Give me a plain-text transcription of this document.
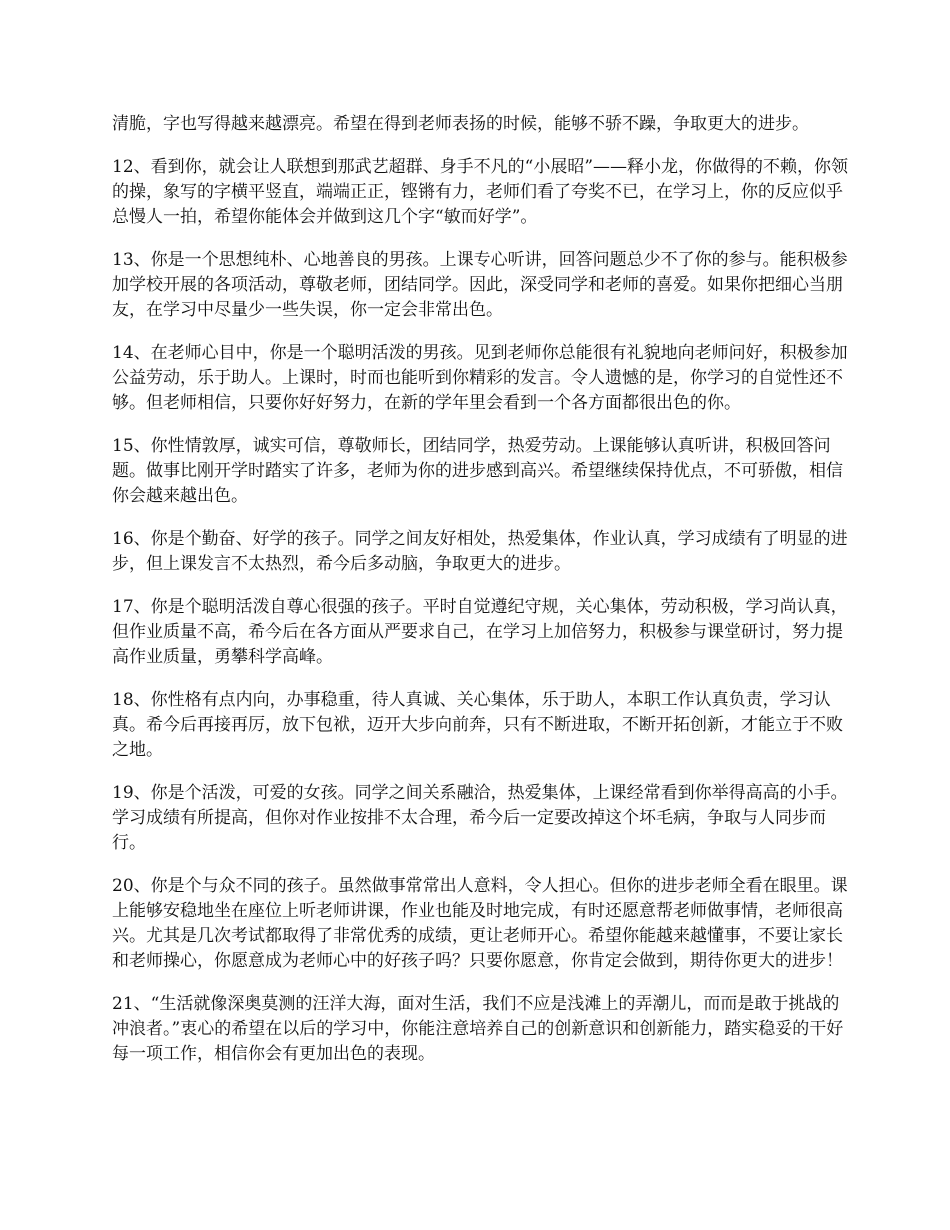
清脆，字也写得越来越漂亮。希望在得到老师表扬的时候，能够不骄不躁，争取更大的进步。

12、看到你，就会让人联想到那武艺超群、身手不凡的“小展昭”——释小龙，你做得的不赖，你领的操，象写的字横平竖直，端端正正，铿锵有力，老师们看了夸奖不已，在学习上，你的反应似乎总慢人一拍，希望你能体会并做到这几个字“敏而好学”。

13、你是一个思想纯朴、心地善良的男孩。上课专心听讲，回答问题总少不了你的参与。能积极参加学校开展的各项活动，尊敬老师，团结同学。因此，深受同学和老师的喜爱。如果你把细心当朋友，在学习中尽量少一些失误，你一定会非常出色。

14、在老师心目中，你是一个聪明活泼的男孩。见到老师你总能很有礼貌地向老师问好，积极参加公益劳动，乐于助人。上课时，时而也能听到你精彩的发言。令人遗憾的是，你学习的自觉性还不够。但老师相信，只要你好好努力，在新的学年里会看到一个各方面都很出色的你。

15、你性情敦厚，诚实可信，尊敬师长，团结同学，热爱劳动。上课能够认真听讲，积极回答问题。做事比刚开学时踏实了许多，老师为你的进步感到高兴。希望继续保持优点，不可骄傲，相信你会越来越出色。

16、你是个勤奋、好学的孩子。同学之间友好相处，热爱集体，作业认真，学习成绩有了明显的进步，但上课发言不太热烈，希今后多动脑，争取更大的进步。

17、你是个聪明活泼自尊心很强的孩子。平时自觉遵纪守规，关心集体，劳动积极，学习尚认真，但作业质量不高，希今后在各方面从严要求自己，在学习上加倍努力，积极参与课堂研讨，努力提高作业质量，勇攀科学高峰。

18、你性格有点内向，办事稳重，待人真诚、关心集体，乐于助人，本职工作认真负责，学习认真。希今后再接再厉，放下包袱，迈开大步向前奔，只有不断进取，不断开拓创新，才能立于不败之地。

19、你是个活泼，可爱的女孩。同学之间关系融洽，热爱集体，上课经常看到你举得高高的小手。学习成绩有所提高，但你对作业按排不太合理，希今后一定要改掉这个坏毛病，争取与人同步而行。

20、你是个与众不同的孩子。虽然做事常常出人意料，令人担心。但你的进步老师全看在眼里。课上能够安稳地坐在座位上听老师讲课，作业也能及时地完成，有时还愿意帮老师做事情，老师很高兴。尤其是几次考试都取得了非常优秀的成绩，更让老师开心。希望你能越来越懂事，不要让家长和老师操心，你愿意成为老师心中的好孩子吗？只要你愿意，你肯定会做到，期待你更大的进步！

21、“生活就像深奥莫测的汪洋大海，面对生活，我们不应是浅滩上的弄潮儿，而而是敢于挑战的冲浪者。”衷心的希望在以后的学习中，你能注意培养自己的创新意识和创新能力，踏实稳妥的干好每一项工作，相信你会有更加出色的表现。
